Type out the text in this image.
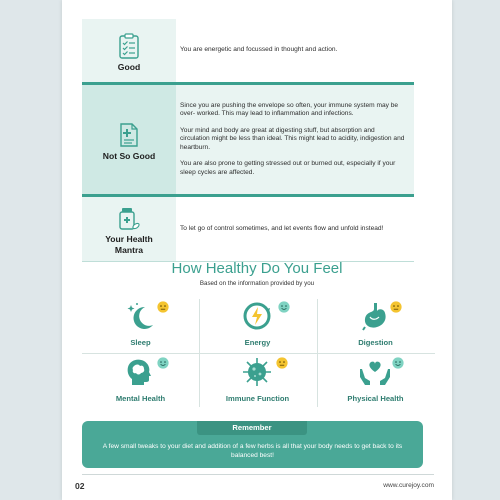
Good

You are energetic and focussed in thought and action.

Not So Good

Since you are pushing the envelope so often, your immune system may be over- worked. This may lead to inflammation and infections.

Your mind and body are great at digesting stuff, but absorption and circulation might be less than ideal. This might lead to acidity, indigestion and heartburn.

You are also prone to getting stressed out or burned out, especially if your sleep cycles are affected.

Your Health Mantra

To let go of control sometimes, and let events flow and unfold instead!

How Healthy Do You Feel
Based on the information provided by you
Sleep	Energy	Digestion
Mental Health	Immune Function	Physical Health
Remember
A few small tweaks to your diet and addition of a few herbs is all that your body needs to get back to its balanced best!
02	www.curejoy.com
